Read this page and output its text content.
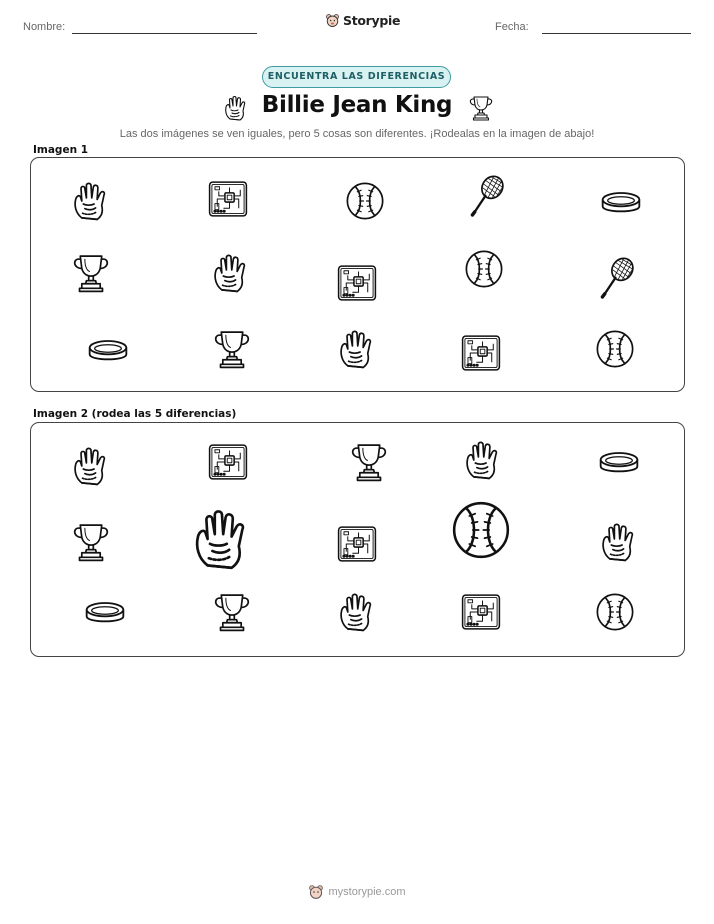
Nombre:	Fecha:
Storypie
ENCUENTRA LAS DIFERENCIAS
Billie Jean King
Las dos imágenes se ven iguales, pero 5 cosas son diferentes. ¡Rodealas en la imagen de abajo!
Imagen 1
Imagen 2 (rodea las 5 diferencias)
mystorypie.com
